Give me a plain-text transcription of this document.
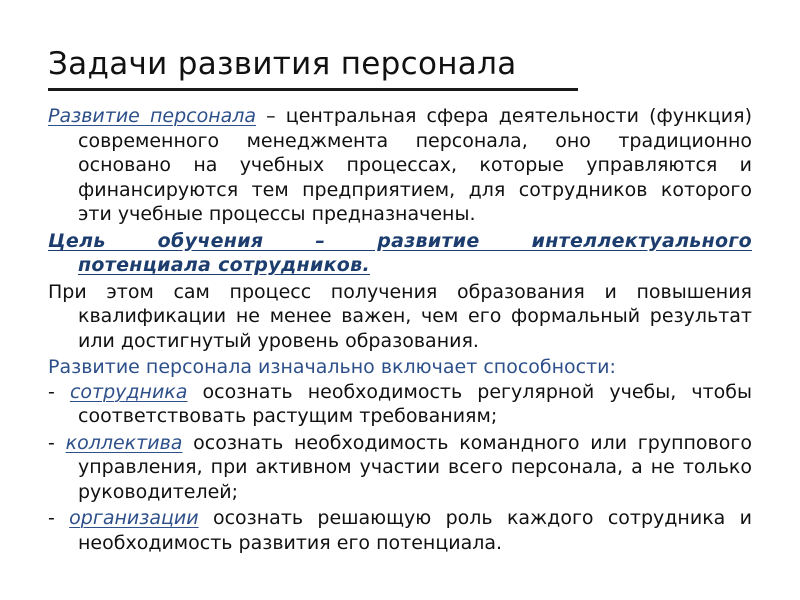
Задачи развития персонала

Развитие персонала – центральная сфера деятельности (функция) современного менеджмента персонала, оно традиционно основано на учебных процессах, которые управляются и финансируются тем предприятием, для сотрудников которого эти учебные процессы предназначены.

Цель обучения – развитие интеллектуального

потенциала сотрудников.

При этом сам процесс получения образования и повышения квалификации не менее важен, чем его формальный результат или достигнутый уровень образования.

Развитие персонала изначально включает способности:

- сотрудника осознать необходимость регулярной учебы, чтобы соответствовать растущим требованиям;

- коллектива осознать необходимость командного или группового управления, при активном участии всего персонала, а не только руководителей;

- организации осознать решающую роль каждого сотрудника и необходимость развития его потенциала.
